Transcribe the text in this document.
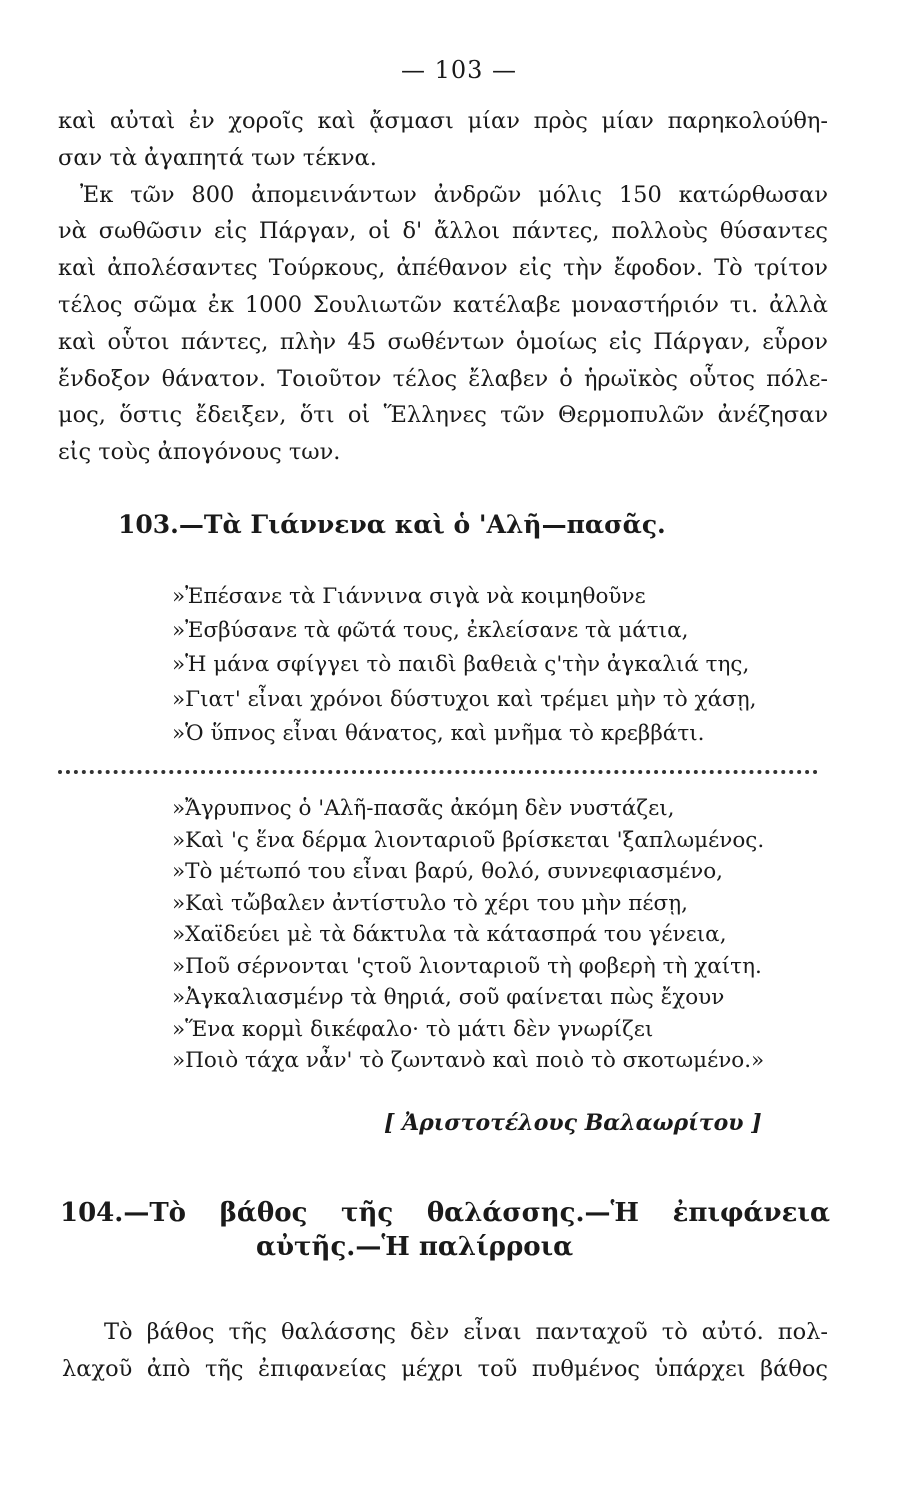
— 103 —
καὶ αὐταὶ ἐν χοροῖς καὶ ᾄσμασι μίαν πρὸς μίαν παρηκολούθη-
σαν τὰ ἀγαπητά των τέκνα.
Ἐκ τῶν 800 ἀπομεινάντων ἀνδρῶν μόλις 150 κατώρθωσαν
νὰ σωθῶσιν εἰς Πάργαν, οἱ δ' ἄλλοι πάντες, πολλοὺς θύσαντες
καὶ ἀπολέσαντες Τούρκους, ἀπέθανον εἰς τὴν ἔφοδον. Τὸ τρίτον
τέλος σῶμα ἐκ 1000 Σουλιωτῶν κατέλαβε μοναστήριόν τι. ἀλλὰ
καὶ οὗτοι πάντες, πλὴν 45 σωθέντων ὁμοίως εἰς Πάργαν, εὗρον
ἔνδοξον θάνατον. Τοιοῦτον τέλος ἔλαβεν ὁ ἡρωϊκὸς οὗτος πόλε-
μος, ὅστις ἔδειξεν, ὅτι οἱ Ἕλληνες τῶν Θερμοπυλῶν ἀνέζησαν
εἰς τοὺς ἀπογόνους των.
103.—Τὰ Γιάννενα καὶ ὁ 'Αλῆ—πασᾶς.
»Ἐπέσανε τὰ Γιάννινα σιγὰ νὰ κοιμηθοῦνε
»Ἐσβύσανε τὰ φῶτά τους, ἐκλείσανε τὰ μάτια,
»Ἡ μάνα σφίγγει τὸ παιδὶ βαθειὰ ς'τὴν ἀγκαλιά της,
»Γιατ' εἶναι χρόνοι δύστυχοι καὶ τρέμει μὴν τὸ χάσῃ,
»Ὁ ὕπνος εἶναι θάνατος, καὶ μνῆμα τὸ κρεββάτι.
»Ἄγρυπνος ὁ 'Αλῆ-πασᾶς ἀκόμη δὲν νυστάζει,
»Καὶ 'ς ἕνα δέρμα λιονταριοῦ βρίσκεται 'ξαπλωμένος.
»Τὸ μέτωπό του εἶναι βαρύ, θολό, συννεφιασμένο,
»Καὶ τὤβαλεν ἀντίστυλο τὸ χέρι του μὴν πέσῃ,
»Χαϊδεύει μὲ τὰ δάκτυλα τὰ κάτασπρά του γένεια,
»Ποῦ σέρνονται 'ςτοῦ λιονταριοῦ τὴ φοβερὴ τὴ χαίτη.
»Ἀγκαλιασμένρ τὰ θηριά, σοῦ φαίνεται πὼς ἔχουν
»Ἕνα κορμὶ δικέφαλο· τὸ μάτι δὲν γνωρίζει
»Ποιὸ τάχα νἆν' τὸ ζωντανὸ καὶ ποιὸ τὸ σκοτωμένο.»
[ Ἀριστοτέλους Βαλαωρίτου ]
104.—Τὸ βάθος τῆς θαλάσσης.—Ἡ ἐπιφάνεια
αὐτῆς.—Ἡ παλίρροια
Τὸ βάθος τῆς θαλάσσης δὲν εἶναι πανταχοῦ τὸ αὐτό. πολ-
λαχοῦ ἀπὸ τῆς ἐπιφανείας μέχρι τοῦ πυθμένος ὑπάρχει βάθος
